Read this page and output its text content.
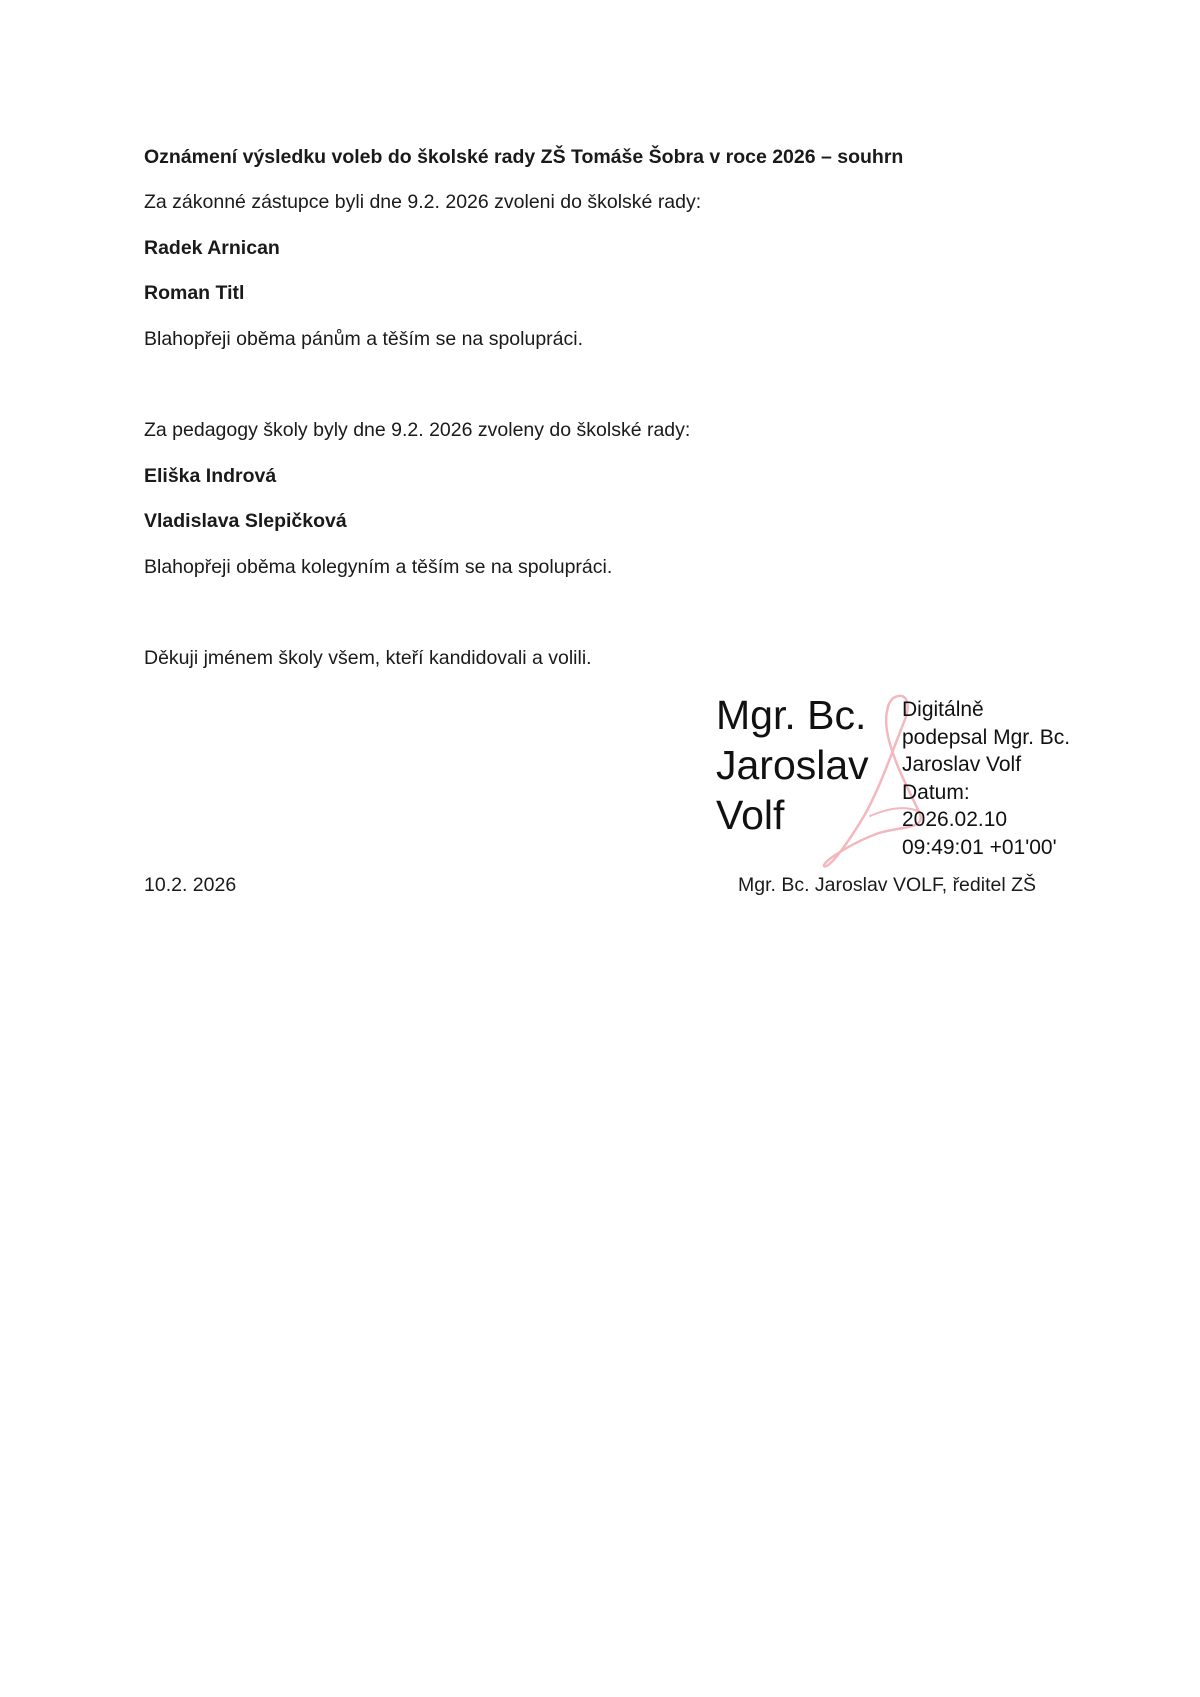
Oznámení výsledku voleb do školské rady ZŠ Tomáše Šobra v roce 2026 – souhrn

Za zákonné zástupce byli dne 9.2. 2026 zvoleni do školské rady:

Radek Arnican

Roman Titl

Blahopřeji oběma pánům a těším se na spolupráci.

Za pedagogy školy byly dne 9.2. 2026 zvoleny do školské rady:

Eliška Indrová

Vladislava Slepičková

Blahopřeji oběma kolegyním a těším se na spolupráci.

Děkuji jménem školy všem, kteří kandidovali a volili.

Mgr. Bc.
Jaroslav
Volf
Digitálně
podepsal Mgr. Bc.
Jaroslav Volf
Datum:
2026.02.10
09:49:01 +01'00'
10.2. 2026	Mgr. Bc. Jaroslav VOLF, ředitel ZŠ
